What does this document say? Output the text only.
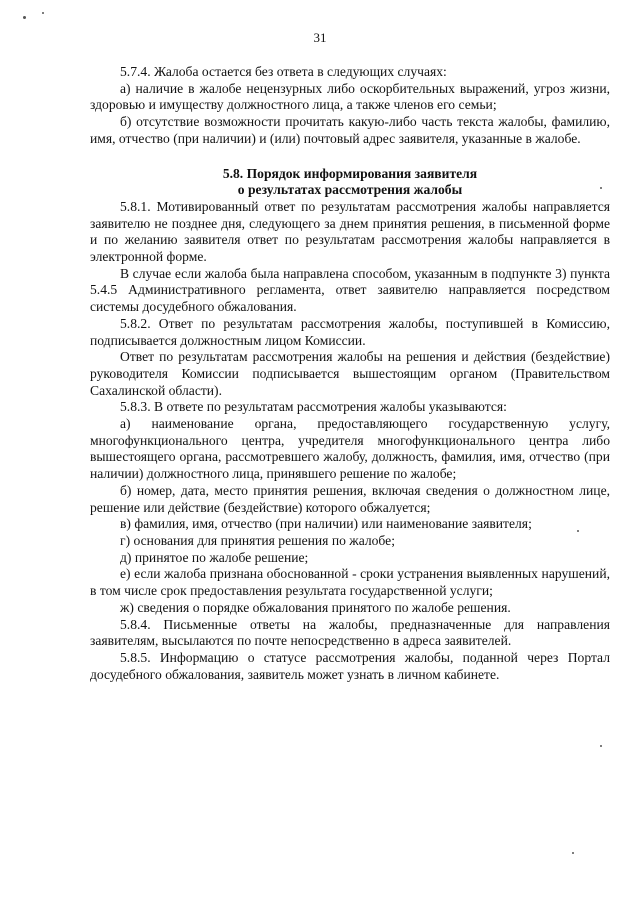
31

5.7.4. Жалоба остается без ответа в следующих случаях:

а) наличие в жалобе нецензурных либо оскорбительных выражений, угроз жизни, здоровью и имуществу должностного лица, а также членов его семьи;

б) отсутствие возможности прочитать какую-либо часть текста жалобы, фамилию, имя, отчество (при наличии) и (или) почтовый адрес заявителя, указанные в жалобе.

5.8. Порядок информирования заявителя
о результатах рассмотрения жалобы

5.8.1. Мотивированный ответ по результатам рассмотрения жалобы направляется заявителю не позднее дня, следующего за днем принятия решения, в письменной форме и по желанию заявителя ответ по результатам рассмотрения жалобы направляется в электронной форме.

В случае если жалоба была направлена способом, указанным в подпункте 3) пункта 5.4.5 Административного регламента, ответ заявителю направляется посредством системы досудебного обжалования.

5.8.2. Ответ по результатам рассмотрения жалобы, поступившей в Комиссию, подписывается должностным лицом Комиссии.

Ответ по результатам рассмотрения жалобы на решения и действия (бездействие) руководителя Комиссии подписывается вышестоящим органом (Правительством Сахалинской области).

5.8.3. В ответе по результатам рассмотрения жалобы указываются:

а) наименование органа, предоставляющего государственную услугу, многофункционального центра, учредителя многофункционального центра либо вышестоящего органа, рассмотревшего жалобу, должность, фамилия, имя, отчество (при наличии) должностного лица, принявшего решение по жалобе;

б) номер, дата, место принятия решения, включая сведения о должностном лице, решение или действие (бездействие) которого обжалуется;

в) фамилия, имя, отчество (при наличии) или наименование заявителя;

г) основания для принятия решения по жалобе;

д) принятое по жалобе решение;

е) если жалоба признана обоснованной - сроки устранения выявленных нарушений, в том числе срок предоставления результата государственной услуги;

ж) сведения о порядке обжалования принятого по жалобе решения.

5.8.4. Письменные ответы на жалобы, предназначенные для направления заявителям, высылаются по почте непосредственно в адреса заявителей.

5.8.5. Информацию о статусе рассмотрения жалобы, поданной через Портал досудебного обжалования, заявитель может узнать в личном кабинете.
